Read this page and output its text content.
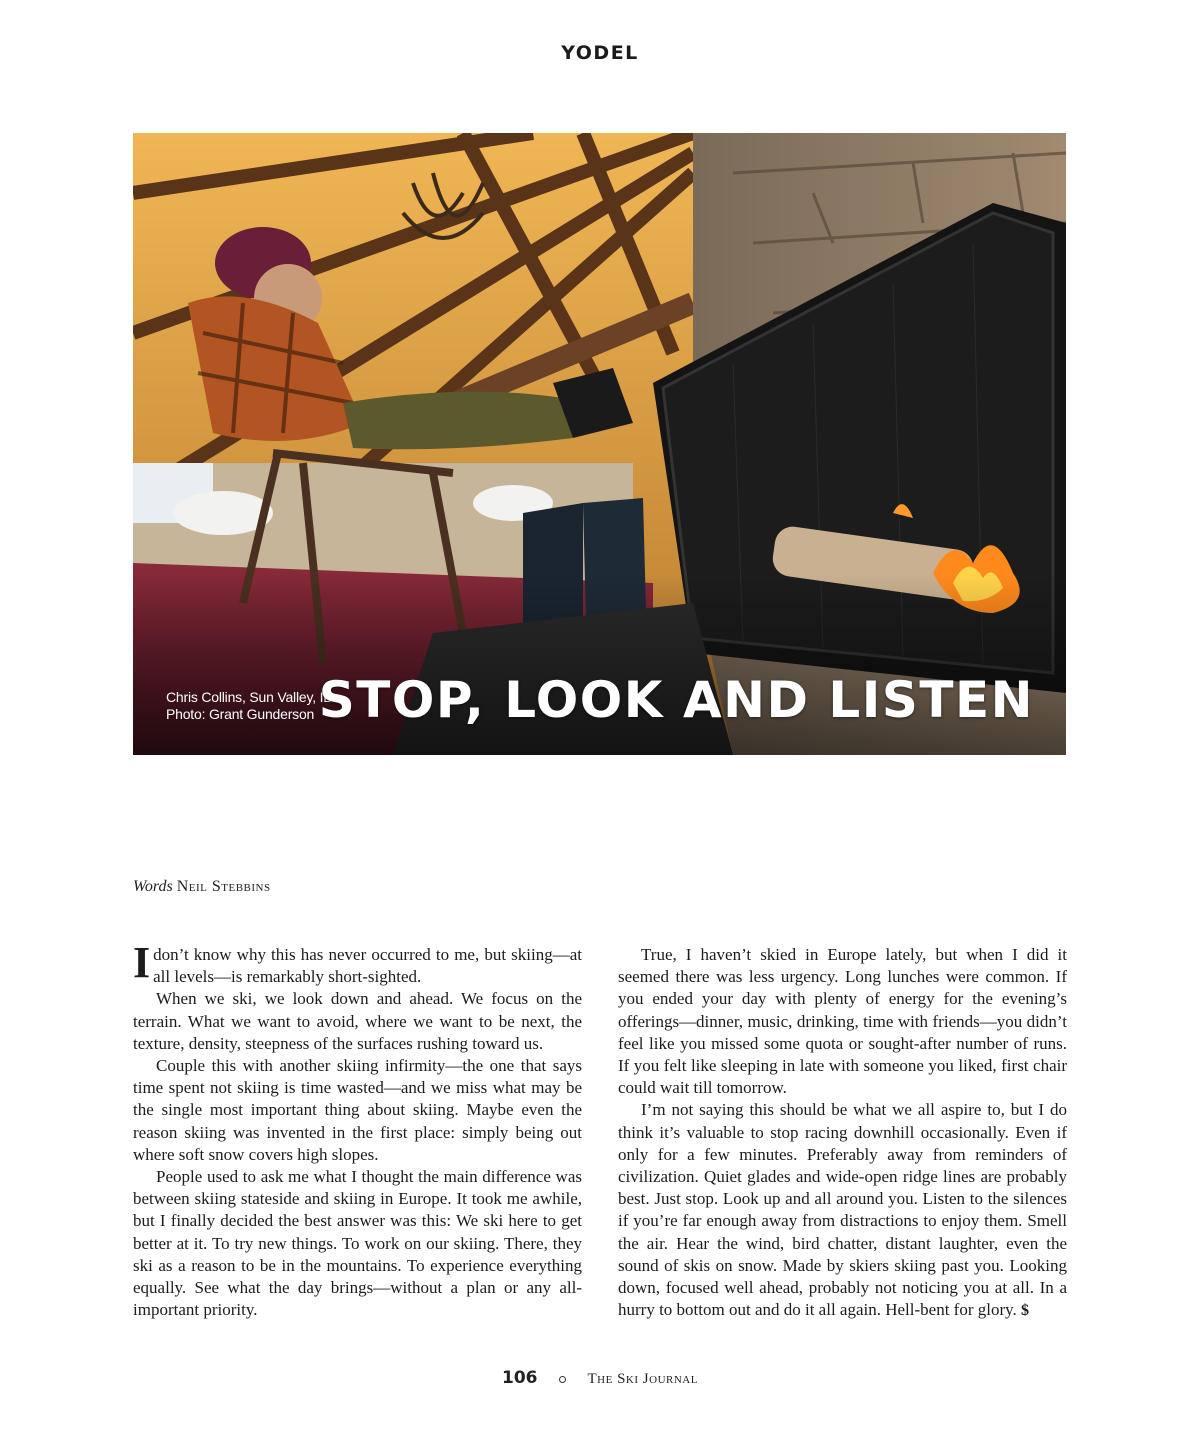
YODEL
Chris Collins, Sun Valley, ID.
Photo: Grant Gunderson STOP, LOOK AND LISTEN
Words Neil Stebbins

Idon’t know why this has never occurred to me, but skiing—at all levels—is remarkably short-sighted.

When we ski, we look down and ahead. We focus on the terrain. What we want to avoid, where we want to be next, the texture, density, steepness of the surfaces rushing toward us.

Couple this with another skiing infirmity—the one that says time spent not skiing is time wasted—and we miss what may be the single most important thing about skiing. Maybe even the reason skiing was invented in the first place: simply being out where soft snow covers high slopes.

People used to ask me what I thought the main difference was between skiing stateside and skiing in Europe. It took me awhile, but I finally decided the best answer was this: We ski here to get better at it. To try new things. To work on our skiing. There, they ski as a reason to be in the mountains. To experience everything equally. See what the day brings—without a plan or any all-important priority.

True, I haven’t skied in Europe lately, but when I did it seemed there was less urgency. Long lunches were common. If you ended your day with plenty of energy for the evening’s offerings—dinner, music, drinking, time with friends—you didn’t feel like you missed some quota or sought-after number of runs. If you felt like sleeping in late with someone you liked, first chair could wait till tomorrow.

I’m not saying this should be what we all aspire to, but I do think it’s valuable to stop racing downhill occasionally. Even if only for a few minutes. Preferably away from reminders of civilization. Quiet glades and wide-open ridge lines are probably best. Just stop. Look up and all around you. Listen to the silences if you’re far enough away from distractions to enjoy them. Smell the air. Hear the wind, bird chatter, distant laughter, even the sound of skis on snow. Made by skiers skiing past you. Looking down, focused well ahead, probably not noticing you at all. In a hurry to bottom out and do it all again. Hell-bent for glory. $

106	The Ski Journal
